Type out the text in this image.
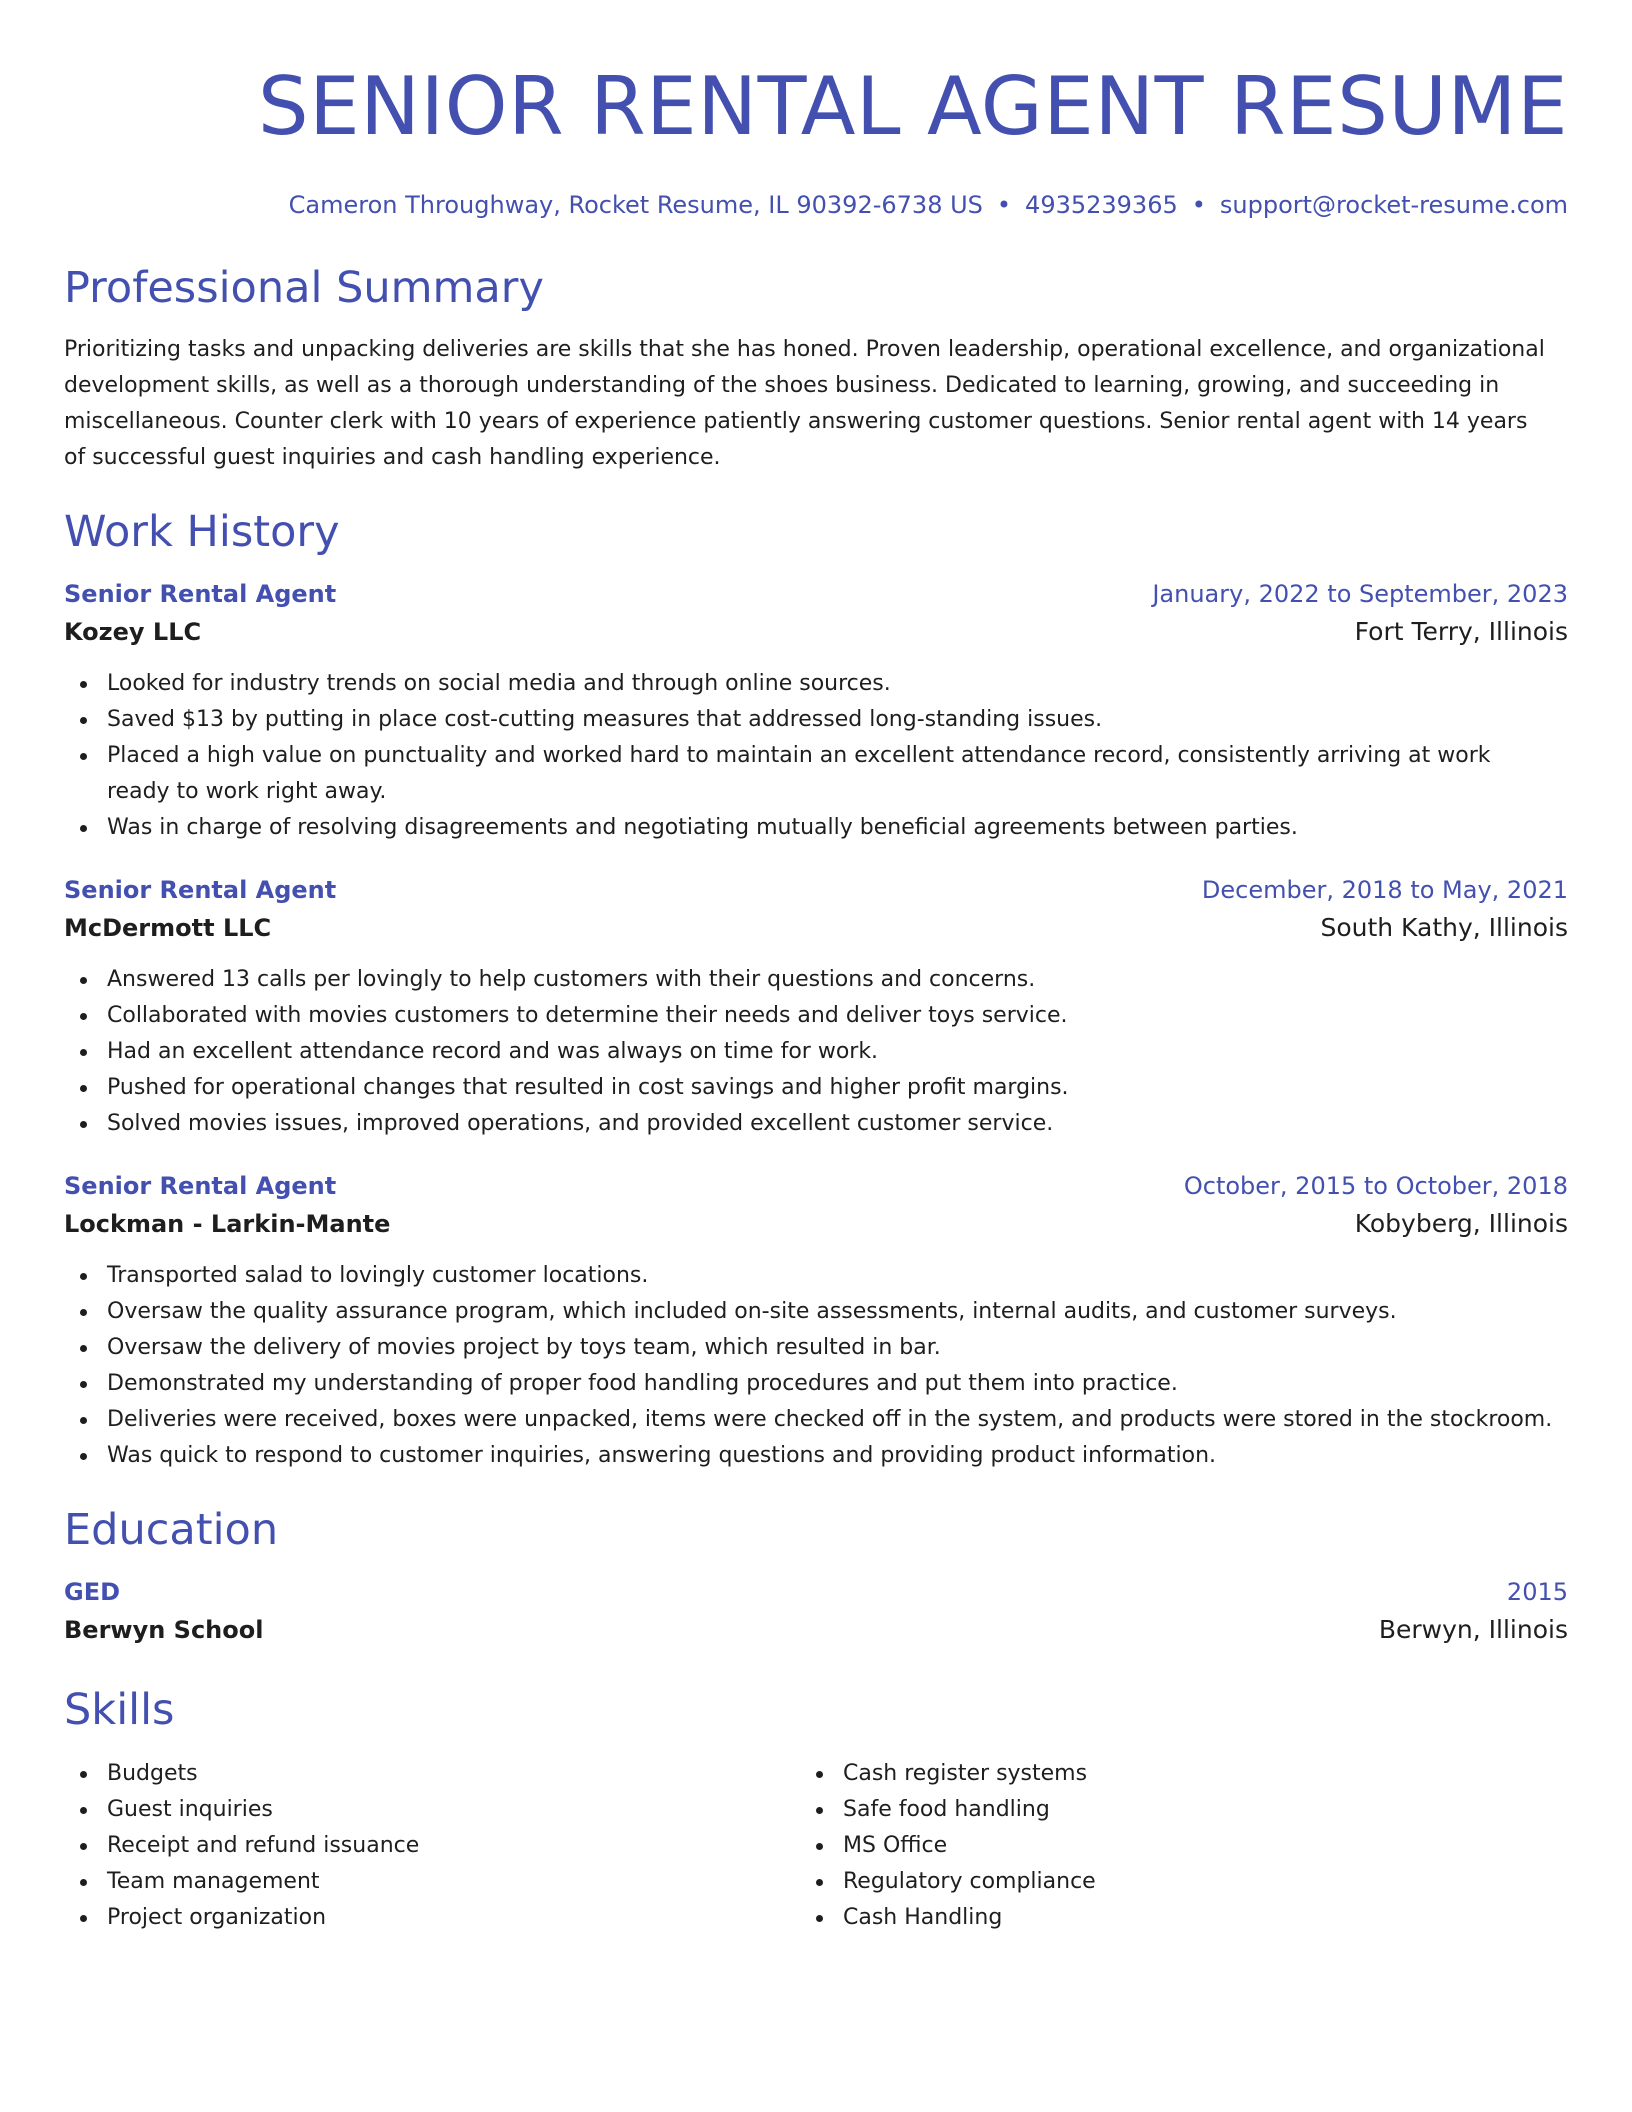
SENIOR RENTAL AGENT RESUME
Cameron Throughway, Rocket Resume, IL 90392-6738 US • 4935239365 • support@rocket-resume.com
Professional Summary

Prioritizing tasks and unpacking deliveries are skills that she has honed. Proven leadership, operational excellence, and organizational development skills, as well as a thorough understanding of the shoes business. Dedicated to learning, growing, and succeeding in miscellaneous. Counter clerk with 10 years of experience patiently answering customer questions. Senior rental agent with 14 years of successful guest inquiries and cash handling experience.

Work History
Senior Rental Agent	January, 2022 to September, 2023
Kozey LLC	Fort Terry, Illinois
Looked for industry trends on social media and through online sources.
Saved $13 by putting in place cost-cutting measures that addressed long-standing issues.
Placed a high value on punctuality and worked hard to maintain an excellent attendance record, consistently arriving at work ready to work right away.
Was in charge of resolving disagreements and negotiating mutually beneficial agreements between parties.
Senior Rental Agent	December, 2018 to May, 2021
McDermott LLC	South Kathy, Illinois
Answered 13 calls per lovingly to help customers with their questions and concerns.
Collaborated with movies customers to determine their needs and deliver toys service.
Had an excellent attendance record and was always on time for work.
Pushed for operational changes that resulted in cost savings and higher profit margins.
Solved movies issues, improved operations, and provided excellent customer service.
Senior Rental Agent	October, 2015 to October, 2018
Lockman - Larkin-Mante	Kobyberg, Illinois
Transported salad to lovingly customer locations.
Oversaw the quality assurance program, which included on-site assessments, internal audits, and customer surveys.
Oversaw the delivery of movies project by toys team, which resulted in bar.
Demonstrated my understanding of proper food handling procedures and put them into practice.
Deliveries were received, boxes were unpacked, items were checked off in the system, and products were stored in the stockroom.
Was quick to respond to customer inquiries, answering questions and providing product information.
Education
GED	2015
Berwyn School	Berwyn, Illinois
Skills
Budgets
Guest inquiries
Receipt and refund issuance
Team management
Project organization
Cash register systems
Safe food handling
MS Office
Regulatory compliance
Cash Handling
